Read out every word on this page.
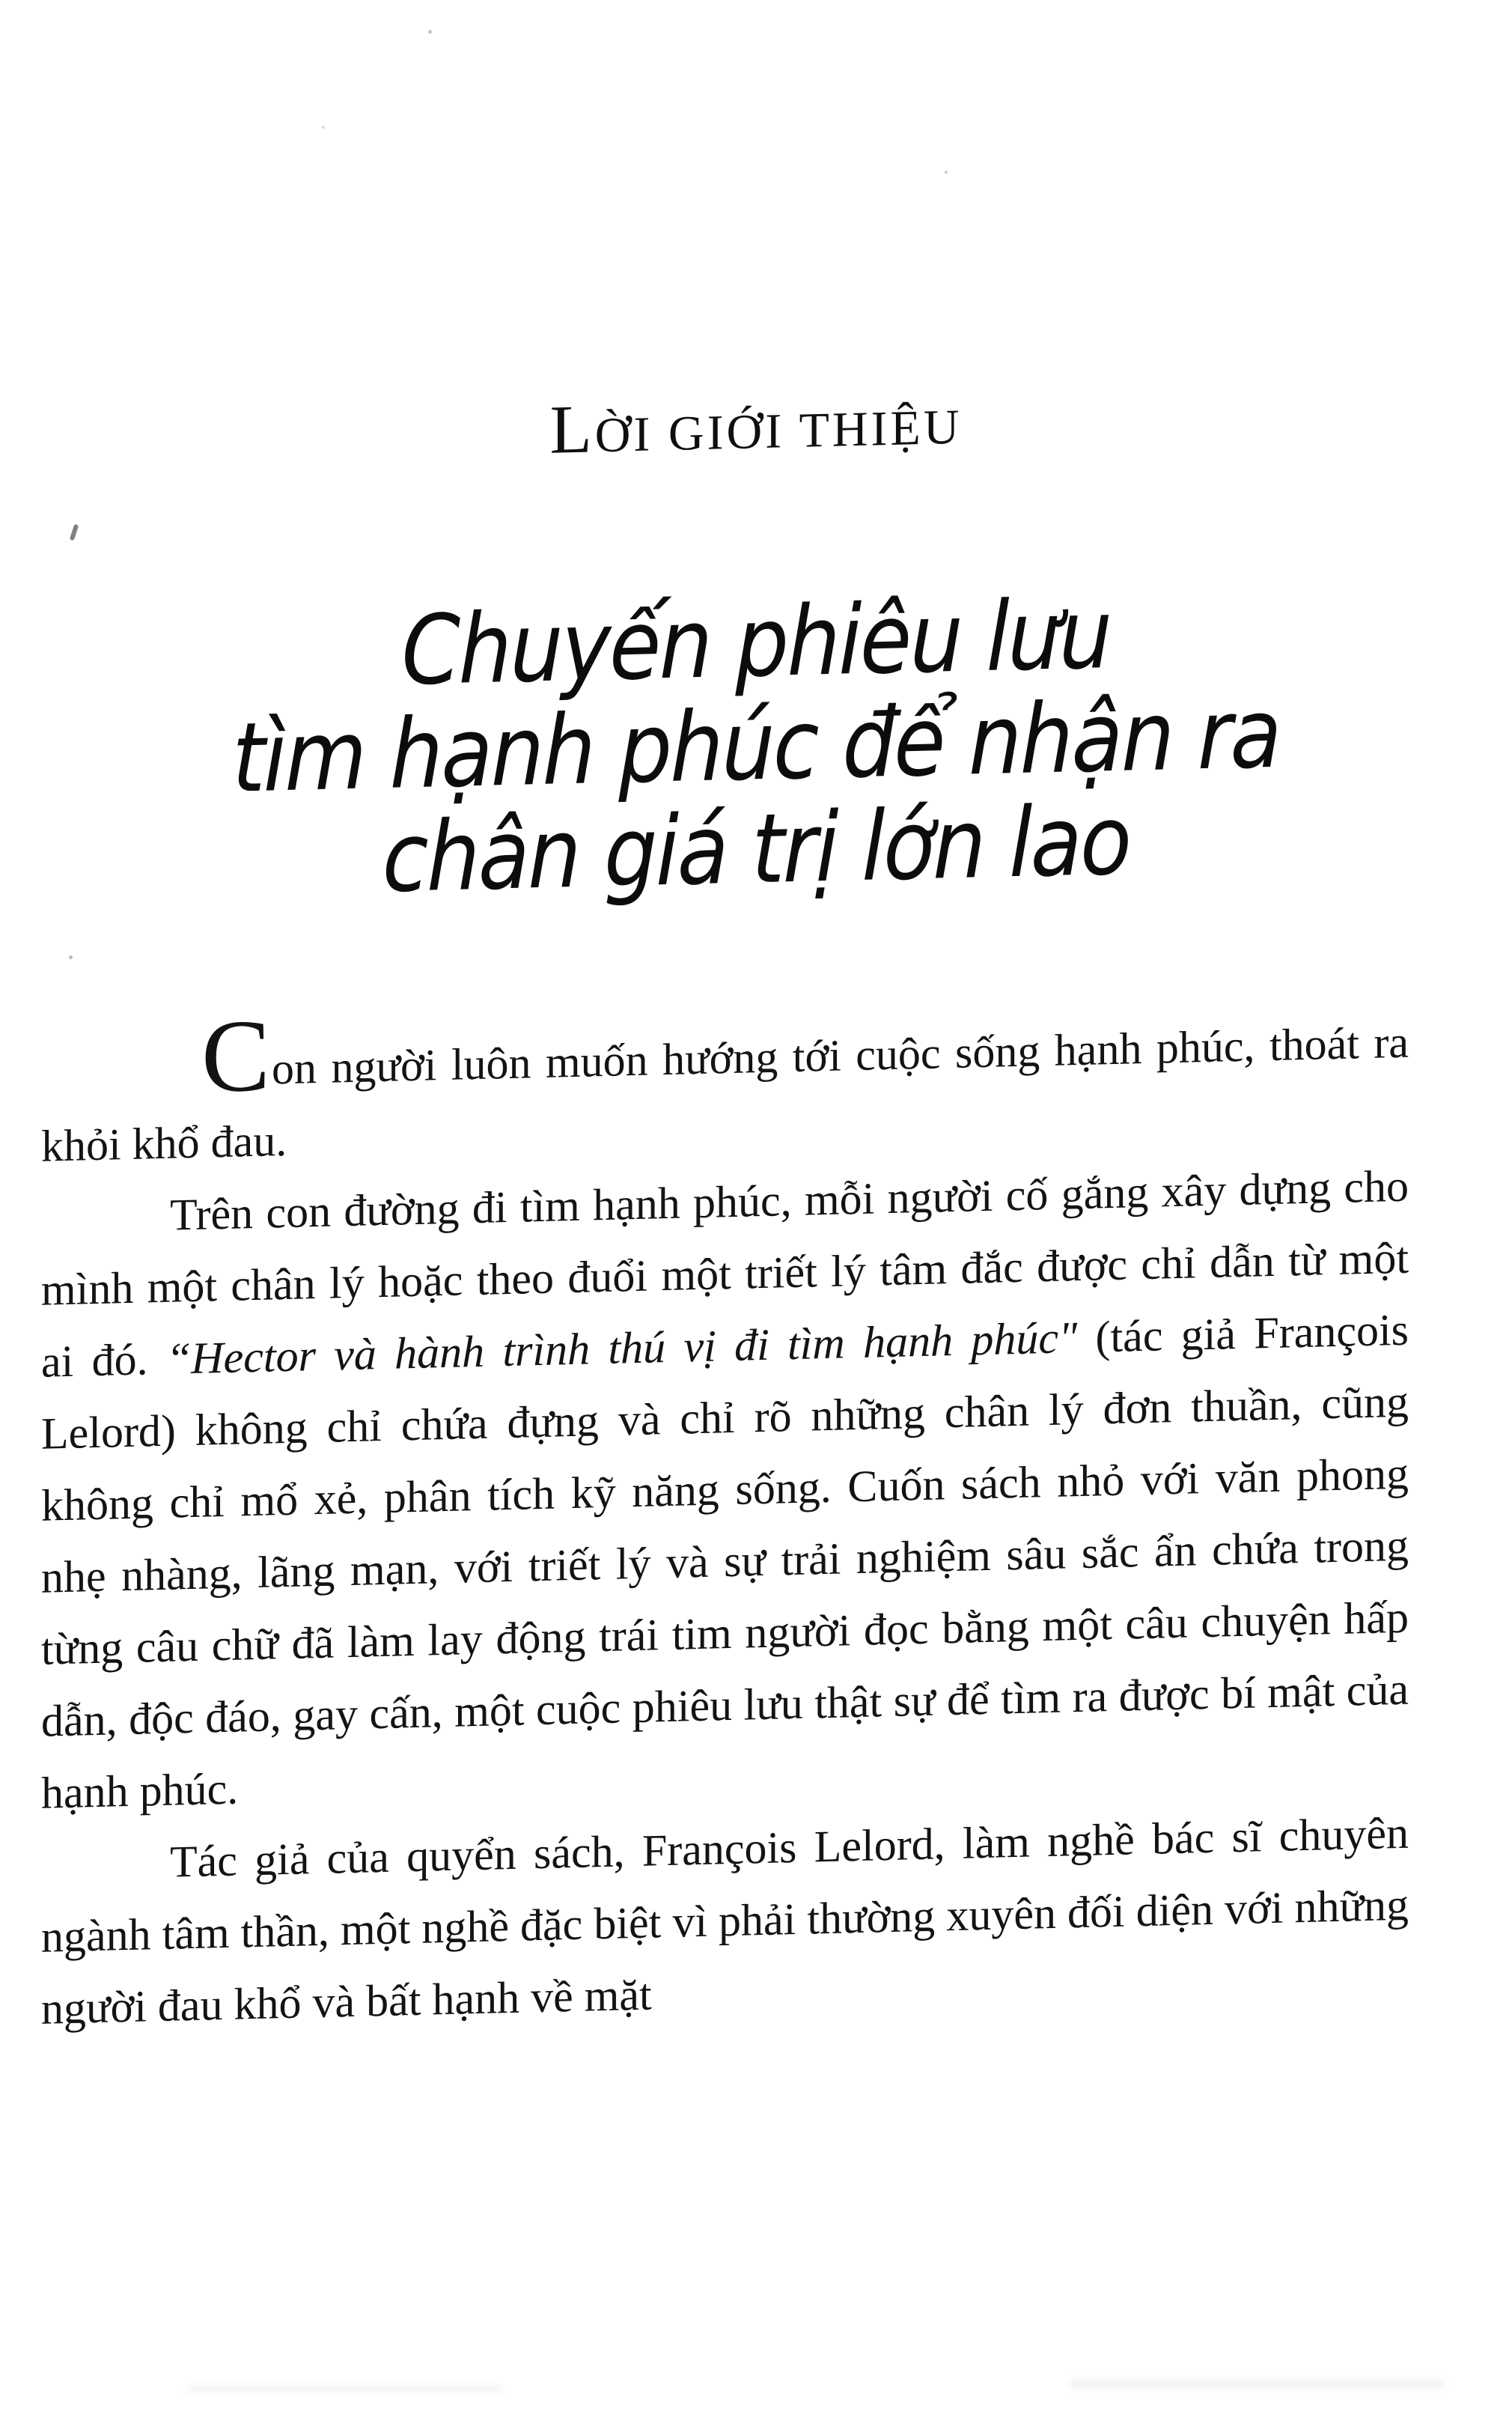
LỜI GIỚI THIỆU
Chuyến phiêu lưu
tìm hạnh phúc để nhận ra
chân giá trị lớn lao

Con người luôn muốn hướng tới cuộc sống hạnh phúc, thoát ra khỏi khổ đau.

Trên con đường đi tìm hạnh phúc, mỗi người cố gắng xây dựng cho mình một chân lý hoặc theo đuổi một triết lý tâm đắc được chỉ dẫn từ một ai đó. “Hector và hành trình thú vị đi tìm hạnh phúc" (tác giả François Lelord) không chỉ chứa đựng và chỉ rõ những chân lý đơn thuần, cũng không chỉ mổ xẻ, phân tích kỹ năng sống. Cuốn sách nhỏ với văn phong nhẹ nhàng, lãng mạn, với triết lý và sự trải nghiệm sâu sắc ẩn chứa trong từng câu chữ đã làm lay động trái tim người đọc bằng một câu chuyện hấp dẫn, độc đáo, gay cấn, một cuộc phiêu lưu thật sự để tìm ra được bí mật của hạnh phúc.

Tác giả của quyển sách, François Lelord, làm nghề bác sĩ chuyên ngành tâm thần, một nghề đặc biệt vì phải thường xuyên đối diện với những người đau khổ và bất hạnh về mặt
